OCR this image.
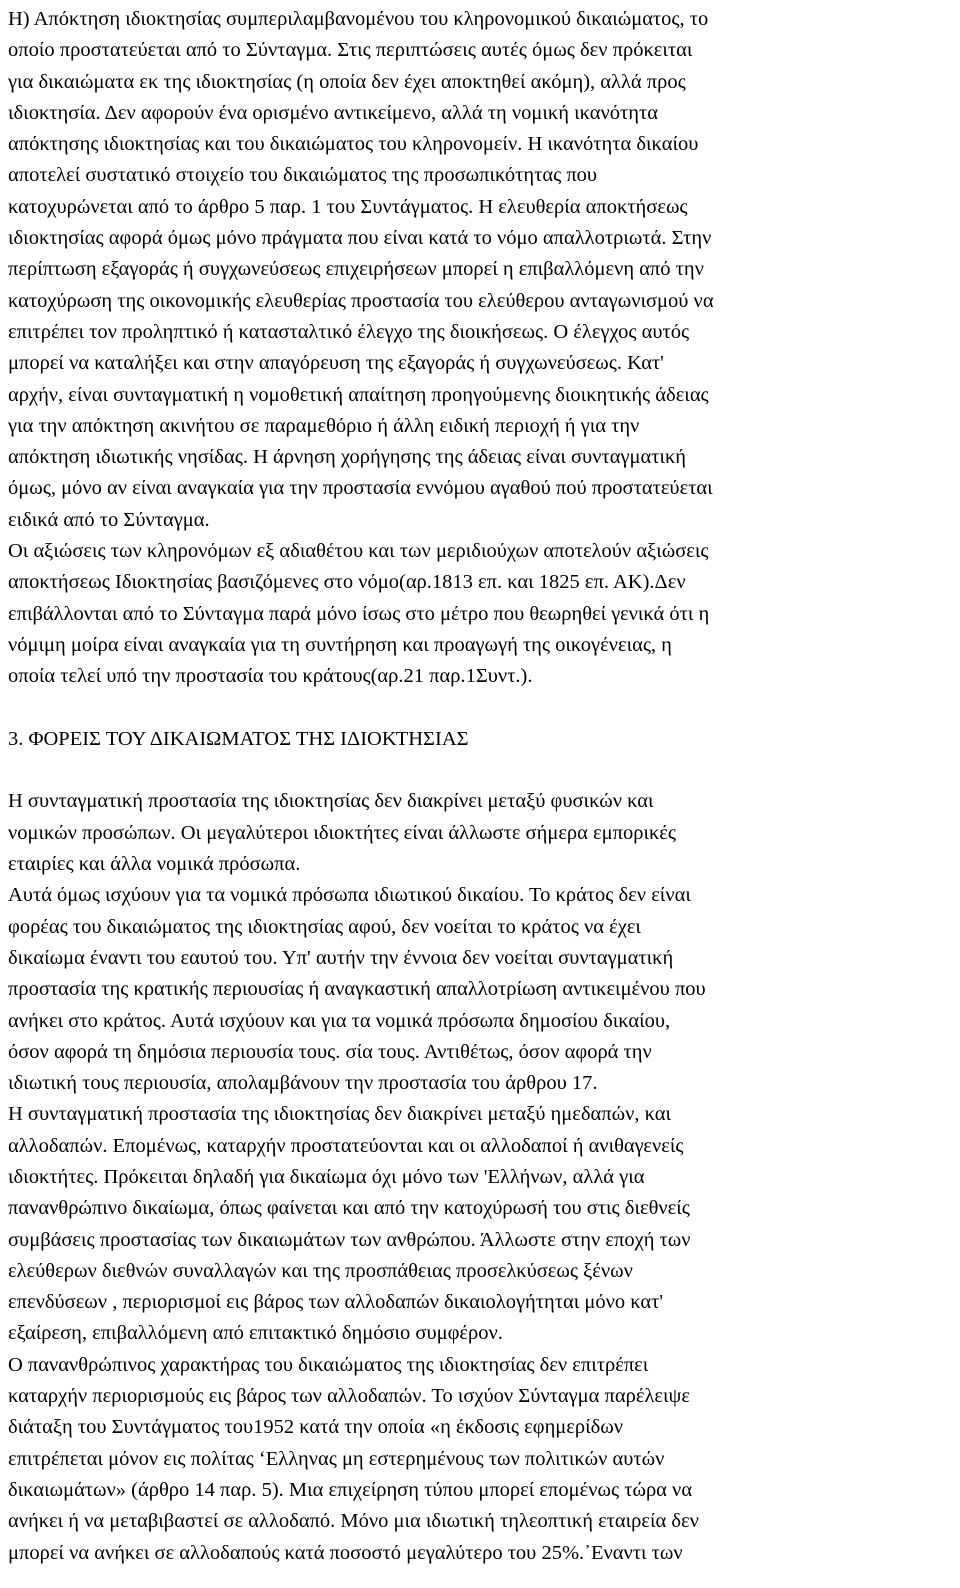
Η) Απόκτηση ιδιοκτησίας συμπεριλαμβανομένου του κληρονομικού δικαιώματος, το
οποίο προστατεύεται από το Σύνταγμα. Στις περιπτώσεις αυτές όμως δεν πρόκειται
για δικαιώματα εκ της ιδιοκτησίας (η οποία δεν έχει αποκτηθεί ακόμη), αλλά προς
ιδιοκτησία. Δεν αφορούν ένα ορισμένο αντικείμενο, αλλά τη νομική ικανότητα
απόκτησης ιδιοκτησίας και του δικαιώματος του κληρονομείν. Η ικανότητα δικαίου
αποτελεί συστατικό στοιχείο του δικαιώματος της προσωπικότητας που
κατοχυρώνεται από το άρθρο 5 παρ. 1 του Συντάγματος. Η ελευθερία αποκτήσεως
ιδιοκτησίας αφορά όμως μόνο πράγματα που είναι κατά το νόμο απαλλοτριωτά. Στην
περίπτωση εξαγοράς ή συγχωνεύσεως επιχειρήσεων μπορεί η επιβαλλόμενη από την
κατοχύρωση της οικονομικής ελευθερίας προστασία του ελεύθερου ανταγωνισμού να
επιτρέπει τον προληπτικό ή κατασταλτικό έλεγχο της διοικήσεως. Ο έλεγχος αυτός
μπορεί να καταλήξει και στην απαγόρευση της εξαγοράς ή συγχωνεύσεως. Κατ'
αρχήν, είναι συνταγματική η νομοθετική απαίτηση προηγούμενης διοικητικής άδειας
για την απόκτηση ακινήτου σε παραμεθόριο ή άλλη ειδική περιοχή ή για την
απόκτηση ιδιωτικής νησίδας. Η άρνηση χορήγησης της άδειας είναι συνταγματική
όμως, μόνο αν είναι αναγκαία για την προστασία εννόμου αγαθού πού προστατεύεται
ειδικά από το Σύνταγμα.

Οι αξιώσεις των κληρονόμων εξ αδιαθέτου και των μεριδιούχων αποτελούν αξιώσεις
αποκτήσεως Ιδιοκτησίας βασιζόμενες στο νόμο(αρ.1813 επ. και 1825 επ. ΑΚ).Δεν
επιβάλλονται από το Σύνταγμα παρά μόνο ίσως στο μέτρο που θεωρηθεί γενικά ότι η
νόμιμη μοίρα είναι αναγκαία για τη συντήρηση και προαγωγή της οικογένειας, η
οποία τελεί υπό την προστασία του κράτους(αρ.21 παρ.1Συντ.).

3. ΦΟΡΕΙΣ ΤΟΥ ΔΙΚΑΙΩΜΑΤΟΣ ΤΗΣ ΙΔΙΟΚΤΗΣΙΑΣ

Η συνταγματική προστασία της ιδιοκτησίας δεν διακρίνει μεταξύ φυσικών και
νομικών προσώπων. Οι μεγαλύτεροι ιδιοκτήτες είναι άλλωστε σήμερα εμπορικές
εταιρίες και άλλα νομικά πρόσωπα.

Αυτά όμως ισχύουν για τα νομικά πρόσωπα ιδιωτικού δικαίου. Το κράτος δεν είναι
φορέας του δικαιώματος της ιδιοκτησίας αφού, δεν νοείται το κράτος να έχει
δικαίωμα έναντι του εαυτού του. Υπ' αυτήν την έννοια δεν νοείται συνταγματική
προστασία της κρατικής περιουσίας ή αναγκαστική απαλλοτρίωση αντικειμένου που
ανήκει στο κράτος. Αυτά ισχύουν και για τα νομικά πρόσωπα δημοσίου δικαίου,
όσον αφορά τη δημόσια περιουσία τους. σία τους. Αντιθέτως, όσον αφορά την
ιδιωτική τους περιουσία, απολαμβάνουν την προστασία του άρθρου 17.

Η συνταγματική προστασία της ιδιοκτησίας δεν διακρίνει μεταξύ ημεδαπών, και
αλλοδαπών. Επομένως, καταρχήν προστατεύονται και οι αλλοδαποί ή ανιθαγενείς
ιδιοκτήτες. Πρόκειται δηλαδή για δικαίωμα όχι μόνο των 'Ελλήνων, αλλά για
πανανθρώπινο δικαίωμα, όπως φαίνεται και από την κατοχύρωσή του στις διεθνείς
συμβάσεις προστασίας των δικαιωμάτων των ανθρώπου. Άλλωστε στην εποχή των
ελεύθερων διεθνών συναλλαγών και της προσπάθειας προσελκύσεως ξένων
επενδύσεων , περιορισμοί εις βάρος των αλλοδαπών δικαιολογήτηται μόνο κατ'
εξαίρεση, επιβαλλόμενη από επιτακτικό δημόσιο συμφέρον.

Ο πανανθρώπινος χαρακτήρας του δικαιώματος της ιδιοκτησίας δεν επιτρέπει
καταρχήν περιορισμούς εις βάρος των αλλοδαπών. Το ισχύον Σύνταγμα παρέλειψε
διάταξη του Συντάγματος του1952 κατά την οποία «η έκδοσις εφημερίδων
επιτρέπεται μόνον εις πολίτας ‘Ελληνας μη εστερημένους των πολιτικών αυτών
δικαιωμάτων» (άρθρο 14 παρ. 5). Μια επιχείρηση τύπου μπορεί επομένως τώρα να
ανήκει ή να μεταβιβαστεί σε αλλοδαπό. Μόνο μια ιδιωτική τηλεοπτική εταιρεία δεν
μπορεί να ανήκει σε αλλοδαπούς κατά ποσοστό μεγαλύτερο του 25%.᾽Εναντι των
